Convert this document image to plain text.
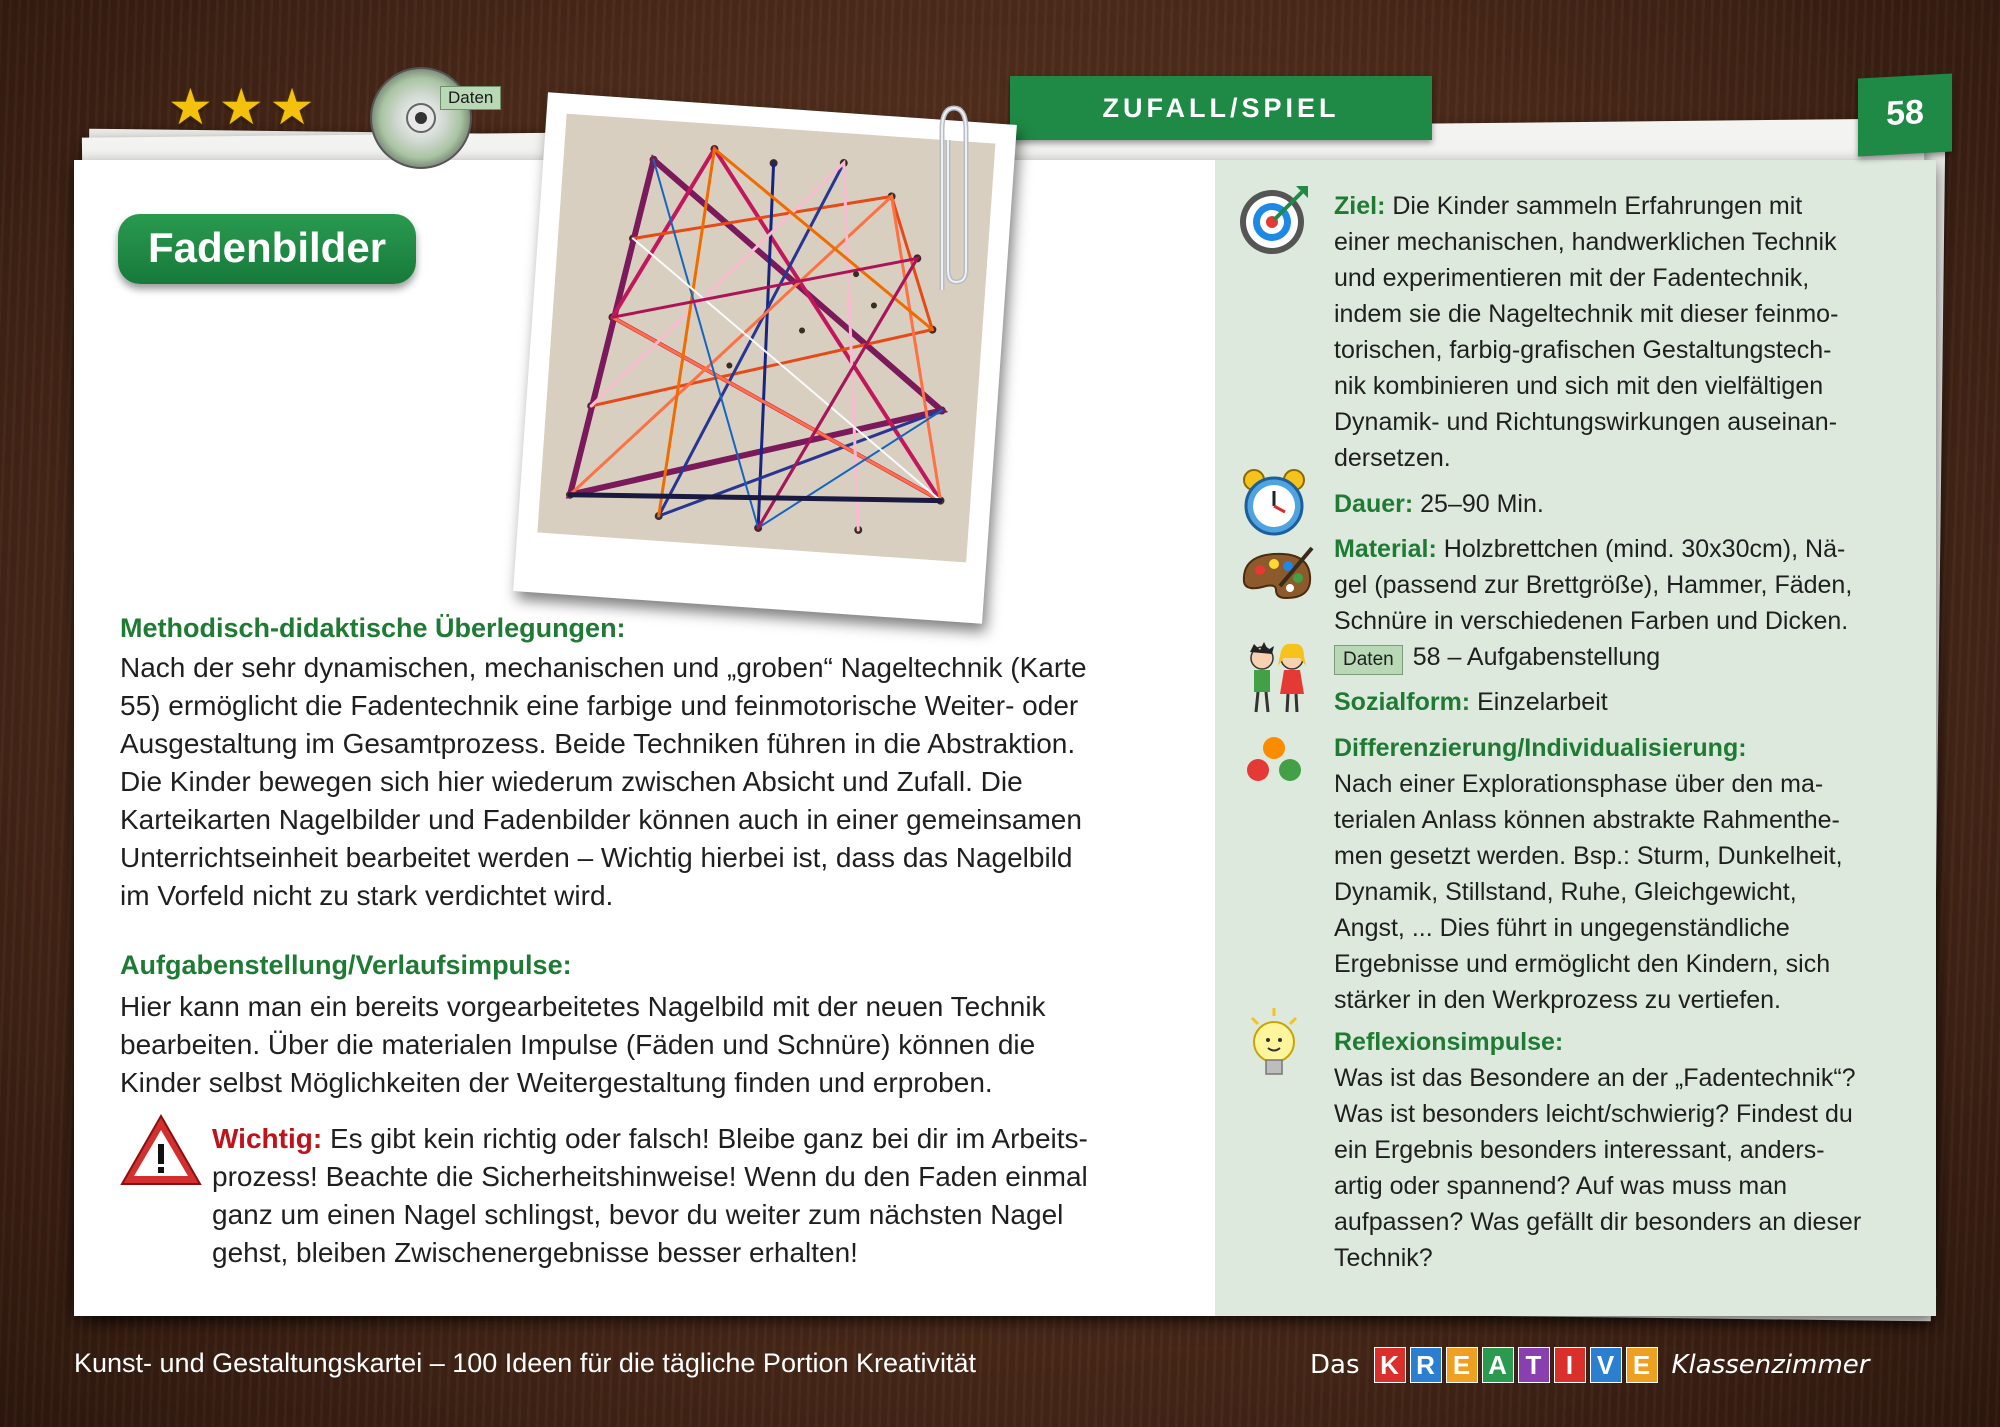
★★★	Daten	ZUFALL/SPIEL	58
Fadenbilder
Methodisch-didaktische Überlegungen:
Nach der sehr dynamischen, mechanischen und „groben“ Nageltechnik (Karte
55) ermöglicht die Fadentechnik eine farbige und feinmotorische Weiter- oder
Ausgestaltung im Gesamtprozess. Beide Techniken führen in die Abstraktion.
Die Kinder bewegen sich hier wiederum zwischen Absicht und Zufall. Die
Karteikarten Nagelbilder und Fadenbilder können auch in einer gemeinsamen
Unterrichtseinheit bearbeitet werden – Wichtig hierbei ist, dass das Nagelbild
im Vorfeld nicht zu stark verdichtet wird.
Aufgabenstellung/Verlaufsimpulse:
Hier kann man ein bereits vorgearbeitetes Nagelbild mit der neuen Technik
bearbeiten. Über die materialen Impulse (Fäden und Schnüre) können die
Kinder selbst Möglichkeiten der Weitergestaltung finden und erproben.
Wichtig: Es gibt kein richtig oder falsch! Bleibe ganz bei dir im Arbeits-
prozess! Beachte die Sicherheitshinweise! Wenn du den Faden einmal
ganz um einen Nagel schlingst, bevor du weiter zum nächsten Nagel
gehst, bleiben Zwischenergebnisse besser erhalten!
Ziel: Die Kinder sammeln Erfahrungen mit
einer mechanischen, handwerklichen Technik
und experimentieren mit der Fadentechnik,
indem sie die Nageltechnik mit dieser feinmo-
torischen, farbig-grafischen Gestaltungstech-
nik kombinieren und sich mit den vielfältigen
Dynamik- und Richtungswirkungen auseinan-
dersetzen.
Dauer: 25–90 Min.
Material: Holzbrettchen (mind. 30x30cm), Nä-
gel (passend zur Brettgröße), Hammer, Fäden,
Schnüre in verschiedenen Farben und Dicken.
Daten 58 – Aufgabenstellung
Sozialform: Einzelarbeit
Differenzierung/Individualisierung:
Nach einer Explorationsphase über den ma-
terialen Anlass können abstrakte Rahmenthe-
men gesetzt werden. Bsp.: Sturm, Dunkelheit,
Dynamik, Stillstand, Ruhe, Gleichgewicht,
Angst, ... Dies führt in ungegenständliche
Ergebnisse und ermöglicht den Kindern, sich
stärker in den Werkprozess zu vertiefen.
Reflexionsimpulse:
Was ist das Besondere an der „Fadentechnik“?
Was ist besonders leicht/schwierig? Findest du
ein Ergebnis besonders interessant, anders-
artig oder spannend? Auf was muss man
aufpassen? Was gefällt dir besonders an dieser
Technik?
Kunst- und Gestaltungskartei – 100 Ideen für die tägliche Portion Kreativität	Das K R E A T I V E Klassenzimmer
